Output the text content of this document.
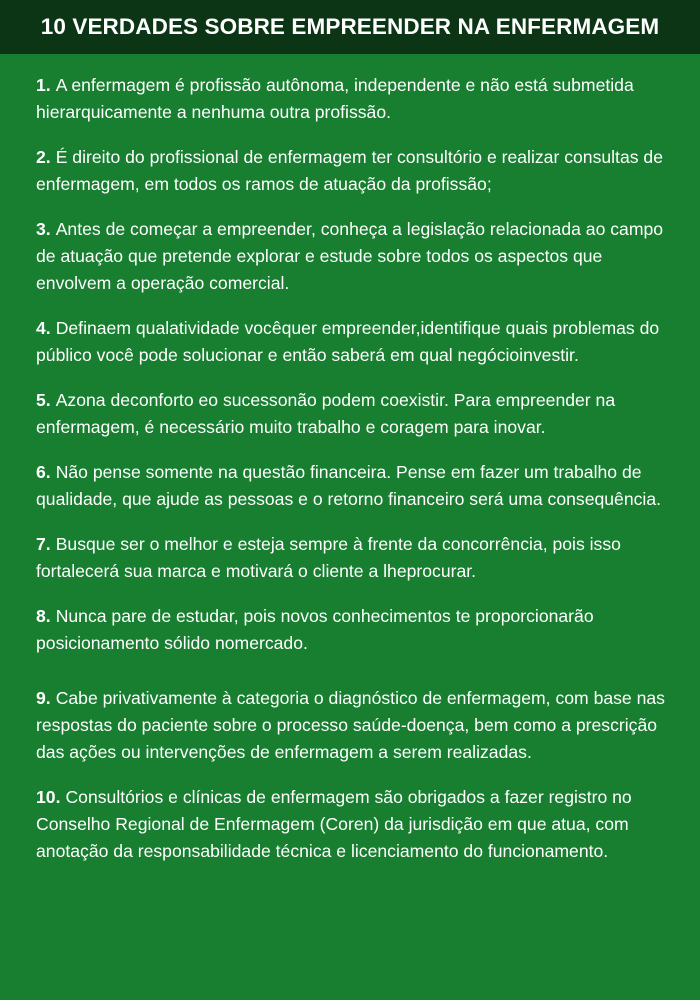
10 VERDADES SOBRE EMPREENDER NA ENFERMAGEM

1. A enfermagem é profissão autônoma, independente e não está submetida hierarquicamente a nenhuma outra profissão.

2. É direito do profissional de enfermagem ter consultório e realizar consultas de enfermagem, em todos os ramos de atuação da profissão;

3. Antes de começar a empreender, conheça a legislação relacionada ao campo de atuação que pretende explorar e estude sobre todos os aspectos que envolvem a operação comercial.

4. Definaem qualatividade vocêquer empreender,identifique quais problemas do público você pode solucionar e então saberá em qual negócioinvestir.

5. Azona deconforto eo sucessonão podem coexistir. Para empreender na enfermagem, é necessário muito trabalho e coragem para inovar.

6. Não pense somente na questão financeira. Pense em fazer um trabalho de qualidade, que ajude as pessoas e o retorno financeiro será uma consequência.

7. Busque ser o melhor e esteja sempre à frente da concorrência, pois isso fortalecerá sua marca e motivará o cliente a lheprocurar.

8. Nunca pare de estudar, pois novos conhecimentos te proporcionarão posicionamento sólido nomercado.

9. Cabe privativamente à categoria o diagnóstico de enfermagem, com base nas respostas do paciente sobre o processo saúde-doença, bem como a prescrição das ações ou intervenções de enfermagem a serem realizadas.

10. Consultórios e clínicas de enfermagem são obrigados a fazer registro no Conselho Regional de Enfermagem (Coren) da jurisdição em que atua, com anotação da responsabilidade técnica e licenciamento do funcionamento.
